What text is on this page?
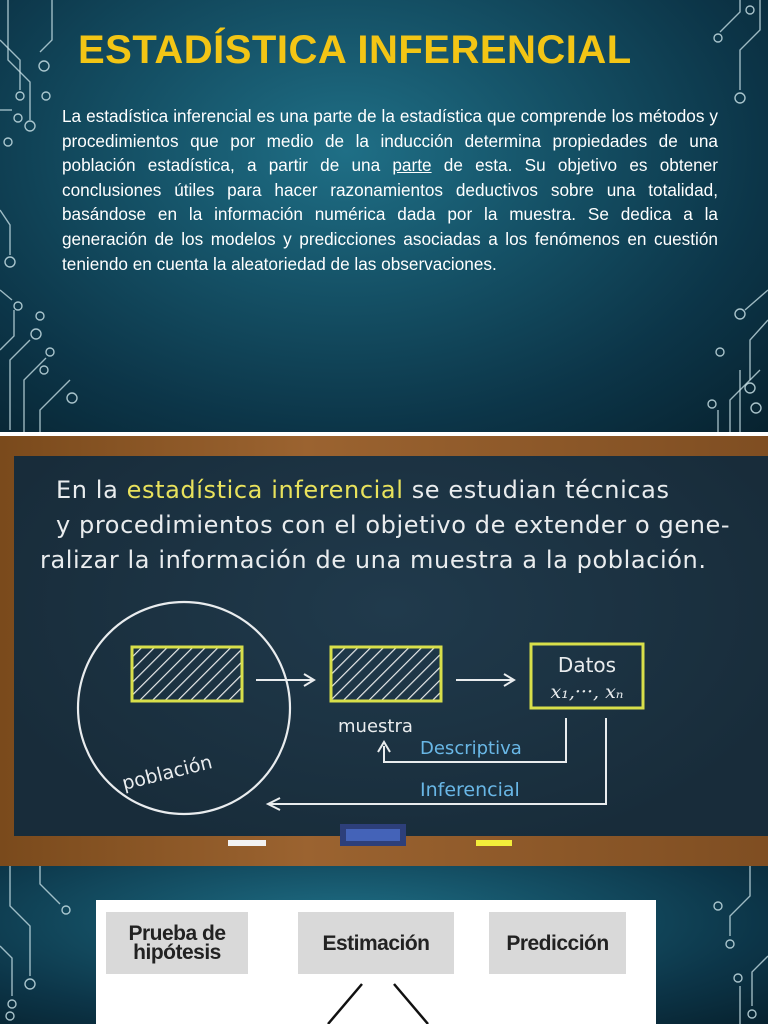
ESTADÍSTICA INFERENCIAL

La estadística inferencial es una parte de la estadística que comprende los métodos y procedimientos que por medio de la inducción determina propiedades de una población estadística, a partir de una parte de esta. Su objetivo es obtener conclusiones útiles para hacer razonamientos deductivos sobre una totalidad, basándose en la información numérica dada por la muestra. Se dedica a la generación de los modelos y predicciones asociadas a los fenómenos en cuestión teniendo en cuenta la aleatoriedad de las observaciones.

En la estadística inferencial se estudian técnicas

y procedimientos con el objetivo de extender o gene-

ralizar la información de una muestra a la población.

Datos
x₁,···, xₙ
muestra
Descriptiva
Inferencial
población
Prueba de hipótesis	Estimación	Predicción
